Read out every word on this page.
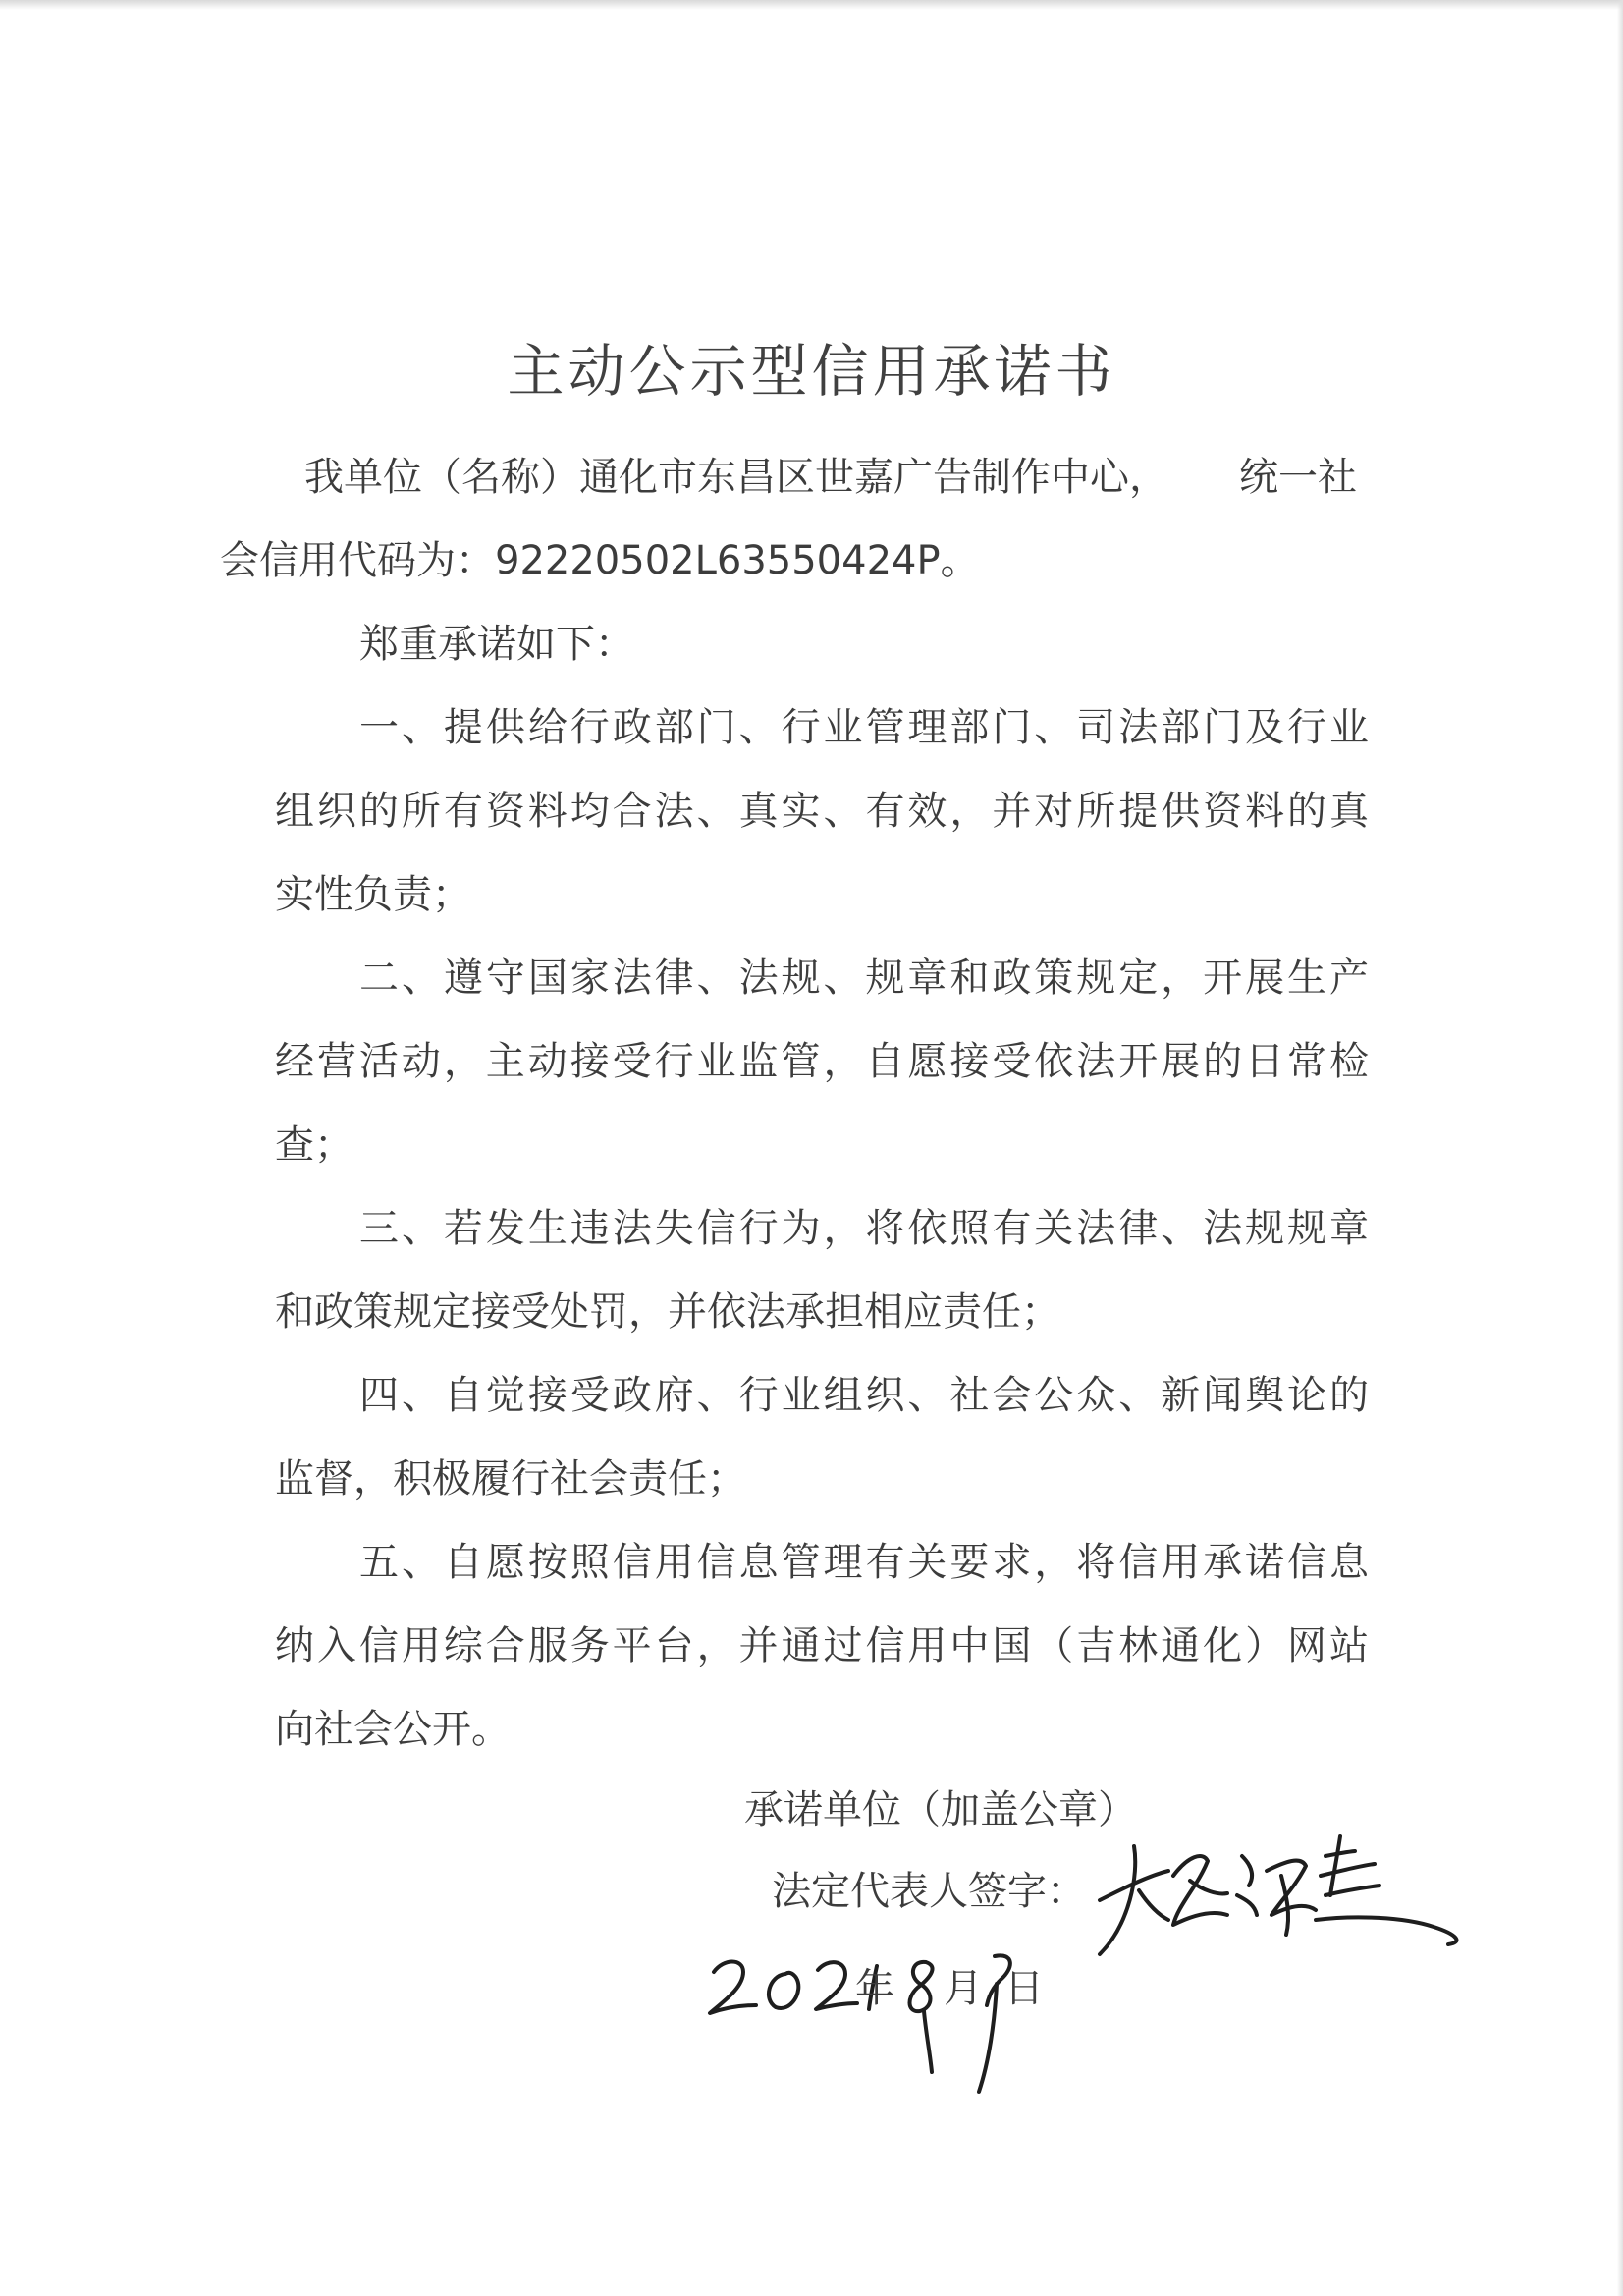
主动公示型信用承诺书
我单位（名称）通化市东昌区世嘉广告制作中心， 统一社
会信用代码为：92220502L63550424P。
郑重承诺如下：
一、提供给行政部门、行业管理部门、司法部门及行业
组织的所有资料均合法、真实、有效，并对所提供资料的真
实性负责；
二、遵守国家法律、法规、规章和政策规定，开展生产
经营活动，主动接受行业监管，自愿接受依法开展的日常检
查；
三、若发生违法失信行为，将依照有关法律、法规规章
和政策规定接受处罚，并依法承担相应责任；
四、自觉接受政府、行业组织、社会公众、新闻舆论的
监督，积极履行社会责任；
五、自愿按照信用信息管理有关要求，将信用承诺信息
纳入信用综合服务平台，并通过信用中国（吉林通化）网站
向社会公开。
承诺单位（加盖公章）
法定代表人签字：
年 月 日
